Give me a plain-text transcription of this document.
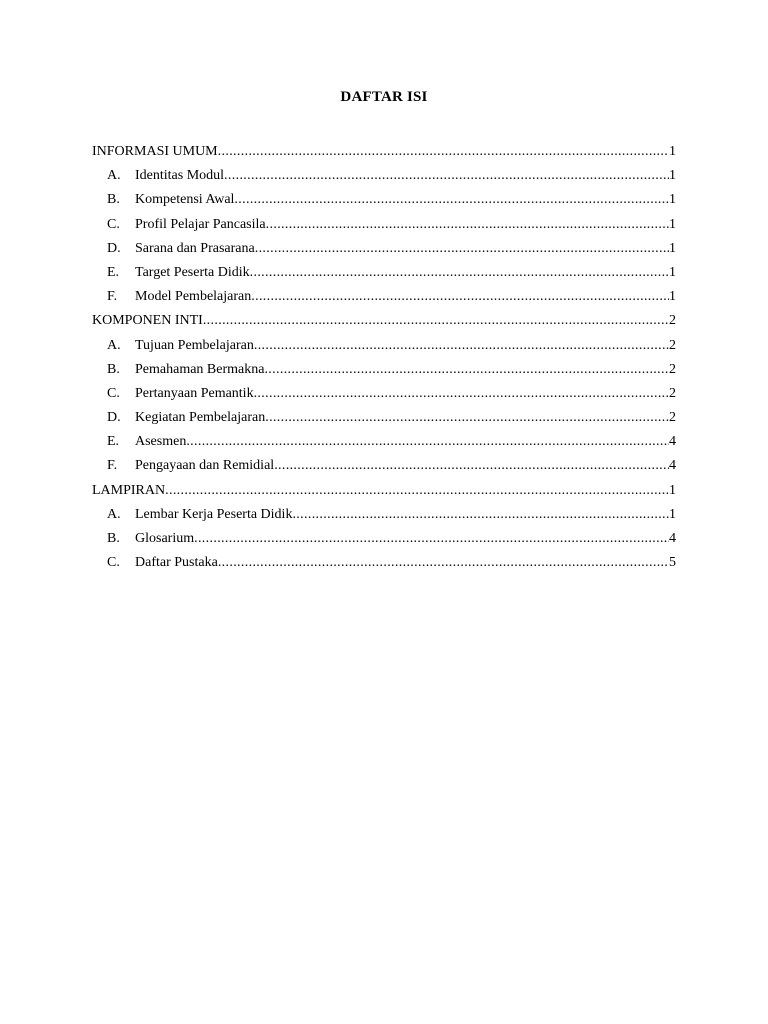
DAFTAR ISI
INFORMASI UMUM .....	1
A.	Identitas Modul .....	1
B.	Kompetensi Awal .....	1
C.	Profil Pelajar Pancasila .....	1
D.	Sarana dan Prasarana .....	1
E.	Target Peserta Didik .....	1
F.	Model Pembelajaran .....	1
KOMPONEN INTI .....	2
A.	Tujuan Pembelajaran .....	2
B.	Pemahaman Bermakna .....	2
C.	Pertanyaan Pemantik .....	2
D.	Kegiatan Pembelajaran .....	2
E.	Asesmen .....	4
F.	Pengayaan dan Remidial .....	4
LAMPIRAN .....	1
A.	Lembar Kerja Peserta Didik .....	1
B.	Glosarium .....	4
C.	Daftar Pustaka .....	5
